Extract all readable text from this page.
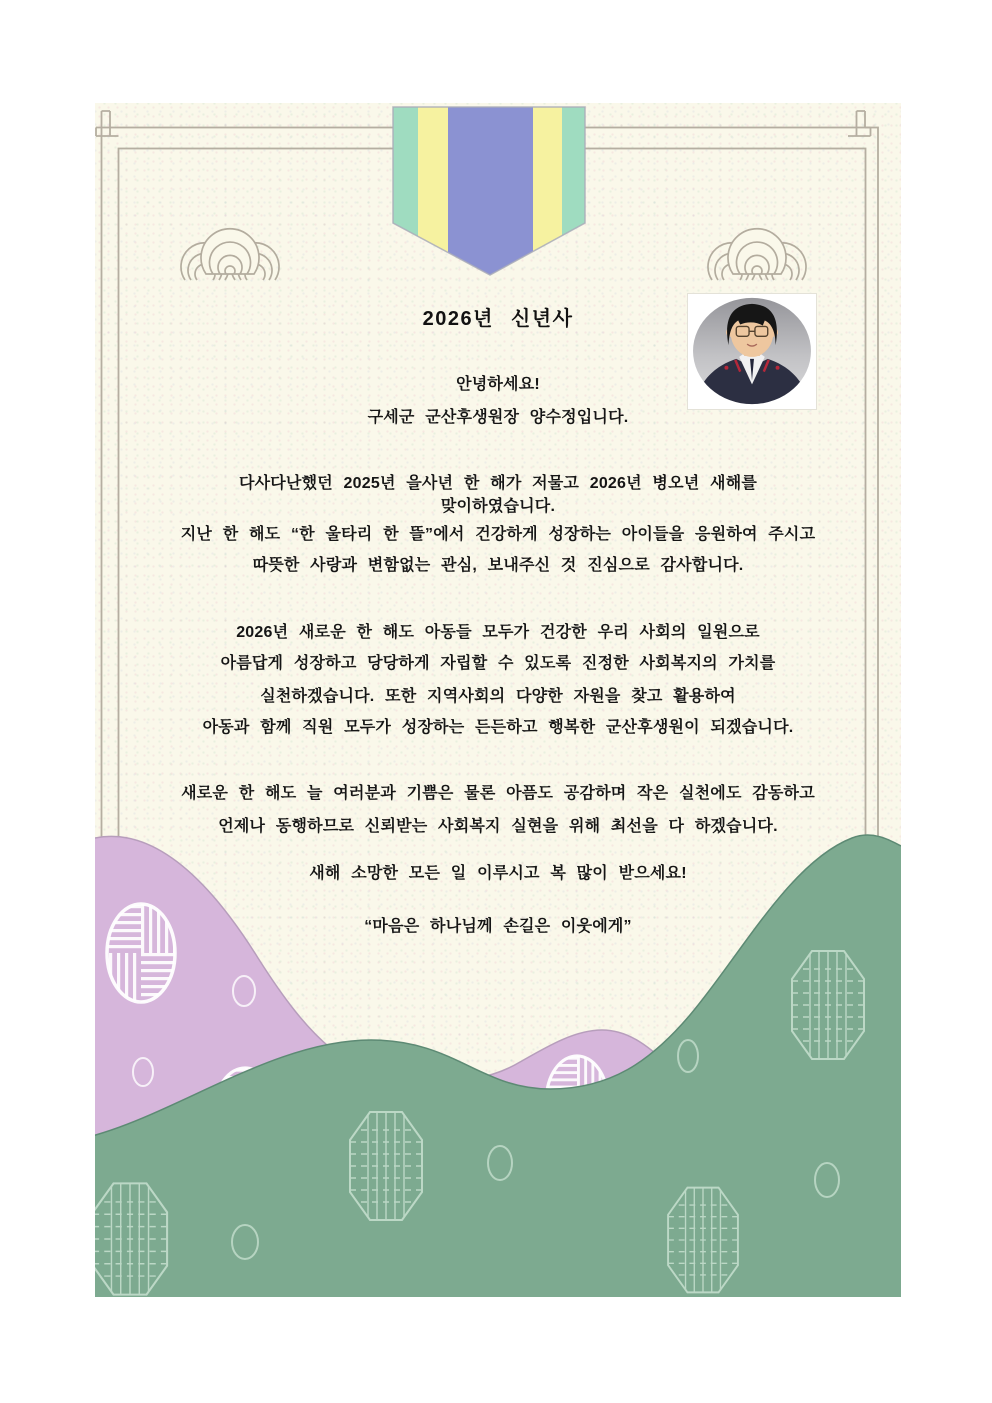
2026년 신년사
안녕하세요!
구세군 군산후생원장 양수정입니다.
다사다난했던 2025년 을사년 한 해가 저물고 2026년 병오년 새해를
맞이하였습니다.
지난 한 해도 “한 울타리 한 뜰”에서 건강하게 성장하는 아이들을 응원하여 주시고
따뜻한 사랑과 변함없는 관심, 보내주신 것 진심으로 감사합니다.
2026년 새로운 한 해도 아동들 모두가 건강한 우리 사회의 일원으로
아름답게 성장하고 당당하게 자립할 수 있도록 진정한 사회복지의 가치를
실천하겠습니다. 또한 지역사회의 다양한 자원을 찾고 활용하여
아동과 함께 직원 모두가 성장하는 든든하고 행복한 군산후생원이 되겠습니다.
새로운 한 해도 늘 여러분과 기쁨은 물론 아픔도 공감하며 작은 실천에도 감동하고
언제나 동행하므로 신뢰받는 사회복지 실현을 위해 최선을 다 하겠습니다.
새해 소망한 모든 일 이루시고 복 많이 받으세요!
“마음은 하나님께 손길은 이웃에게”
